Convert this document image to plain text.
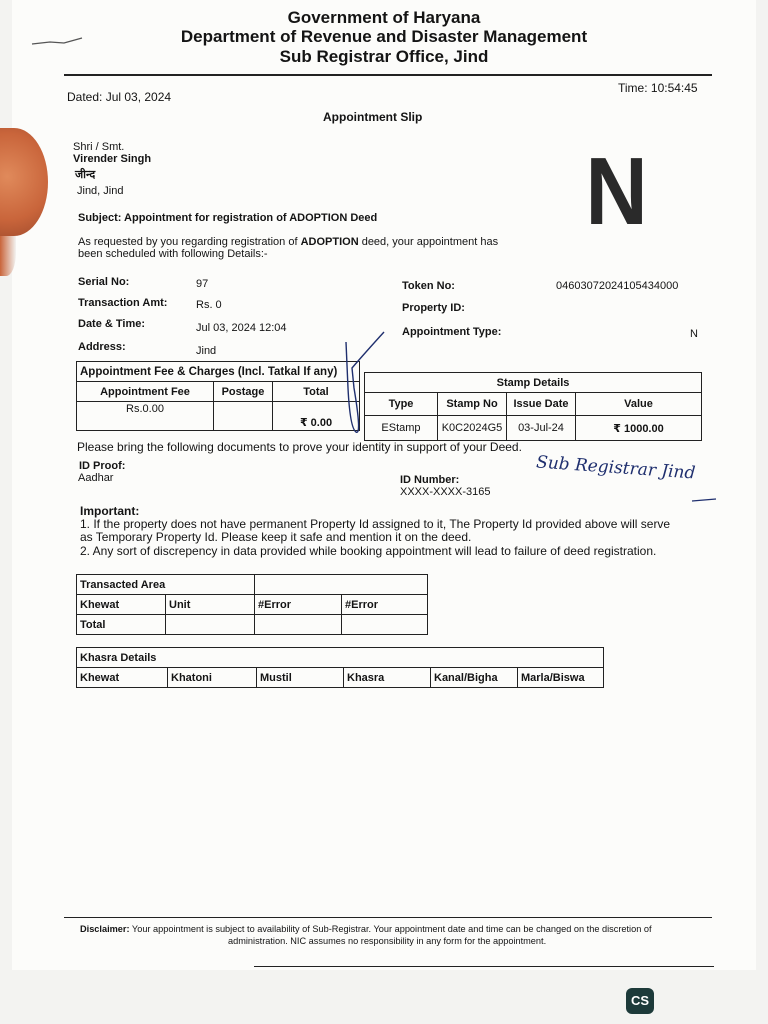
Government of Haryana
Department of Revenue and Disaster Management
Sub Registrar Office, Jind
Dated: Jul 03, 2024
Time: 10:54:45
Appointment Slip
Shri / Smt.
Virender Singh
जीन्द
Jind, Jind	N
Subject: Appointment for registration of ADOPTION Deed
As requested by you regarding registration of ADOPTION deed, your appointment has
been scheduled with following Details:-
Serial No:	97
Transaction Amt:	Rs. 0
Date & Time:	Jul 03, 2024 12:04
Address:	Jind
Token No:	04603072024105434000
Property ID:
Appointment Type:	N
Appointment Fee & Charges (Incl. Tatkal If any)		
Appointment Fee	Postage	Total
Rs.0.00		₹ 0.00
Stamp Details			
Type	Stamp No	Issue Date	Value
EStamp	K0C2024G5	03-Jul-24	₹ 1000.00
Please bring the following documents to prove your identity in support of your Deed.
ID Proof:
Aadhar	ID Number:
XXXX-XXXX-3165
Sub Registrar Jind
Important:
1. If the property does not have permanent Property Id assigned to it, The Property Id provided above will serve
as Temporary Property Id. Please keep it safe and mention it on the deed.
2. Any sort of discrepency in data provided while booking appointment will lead to failure of deed registration.
Transacted Area			
Khewat	Unit	#Error	#Error
Total			
Khasra Details
Khewat	Khatoni	Mustil	Khasra	Kanal/Bigha	Marla/Biswa
Disclaimer: Your appointment is subject to availability of Sub-Registrar. Your appointment date and time can be changed on the discretion of
administration. NIC assumes no responsibility in any form for the appointment.
CS
